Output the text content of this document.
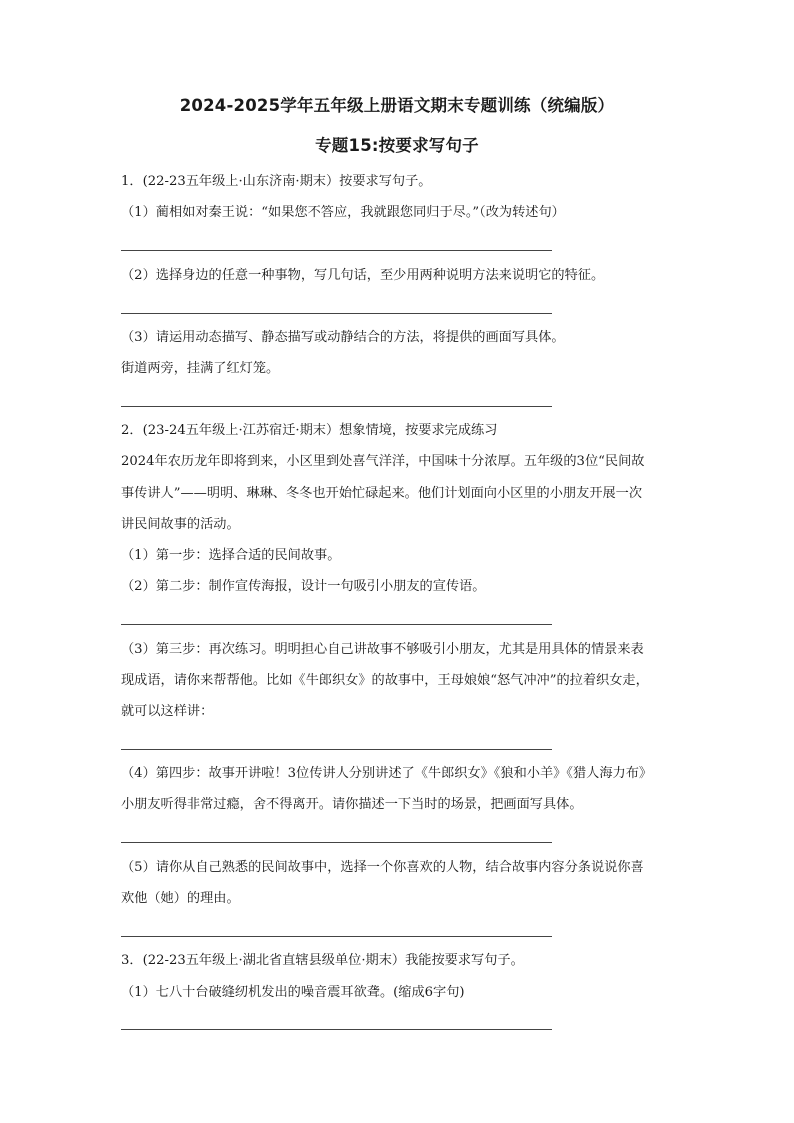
2024-2025学年五年级上册语文期末专题训练（统编版）
专题15:按要求写句子
1．(22-23五年级上·山东济南·期末）按要求写句子。
（1）蔺相如对秦王说：“如果您不答应，我就跟您同归于尽。”（改为转述句）
（2）选择身边的任意一种事物，写几句话，至少用两种说明方法来说明它的特征。
（3）请运用动态描写、静态描写或动静结合的方法，将提供的画面写具体。
街道两旁，挂满了红灯笼。
2．(23-24五年级上·江苏宿迁·期末）想象情境，按要求完成练习
2024年农历龙年即将到来，小区里到处喜气洋洋，中国味十分浓厚。五年级的3位“民间故
事传讲人”——明明、琳琳、冬冬也开始忙碌起来。他们计划面向小区里的小朋友开展一次
讲民间故事的活动。
（1）第一步：选择合适的民间故事。
（2）第二步：制作宣传海报，设计一句吸引小朋友的宣传语。
（3）第三步：再次练习。明明担心自己讲故事不够吸引小朋友，尤其是用具体的情景来表
现成语，请你来帮帮他。比如《牛郎织女》的故事中，王母娘娘“怒气冲冲”的拉着织女走，
就可以这样讲：
（4）第四步：故事开讲啦！3位传讲人分别讲述了《牛郎织女》《狼和小羊》《猎人海力布》
小朋友听得非常过瘾，舍不得离开。请你描述一下当时的场景，把画面写具体。
（5）请你从自己熟悉的民间故事中，选择一个你喜欢的人物，结合故事内容分条说说你喜
欢他（她）的理由。
3．(22-23五年级上·湖北省直辖县级单位·期末）我能按要求写句子。
（1）七八十台破缝纫机发出的噪音震耳欲聋。(缩成6字句)
